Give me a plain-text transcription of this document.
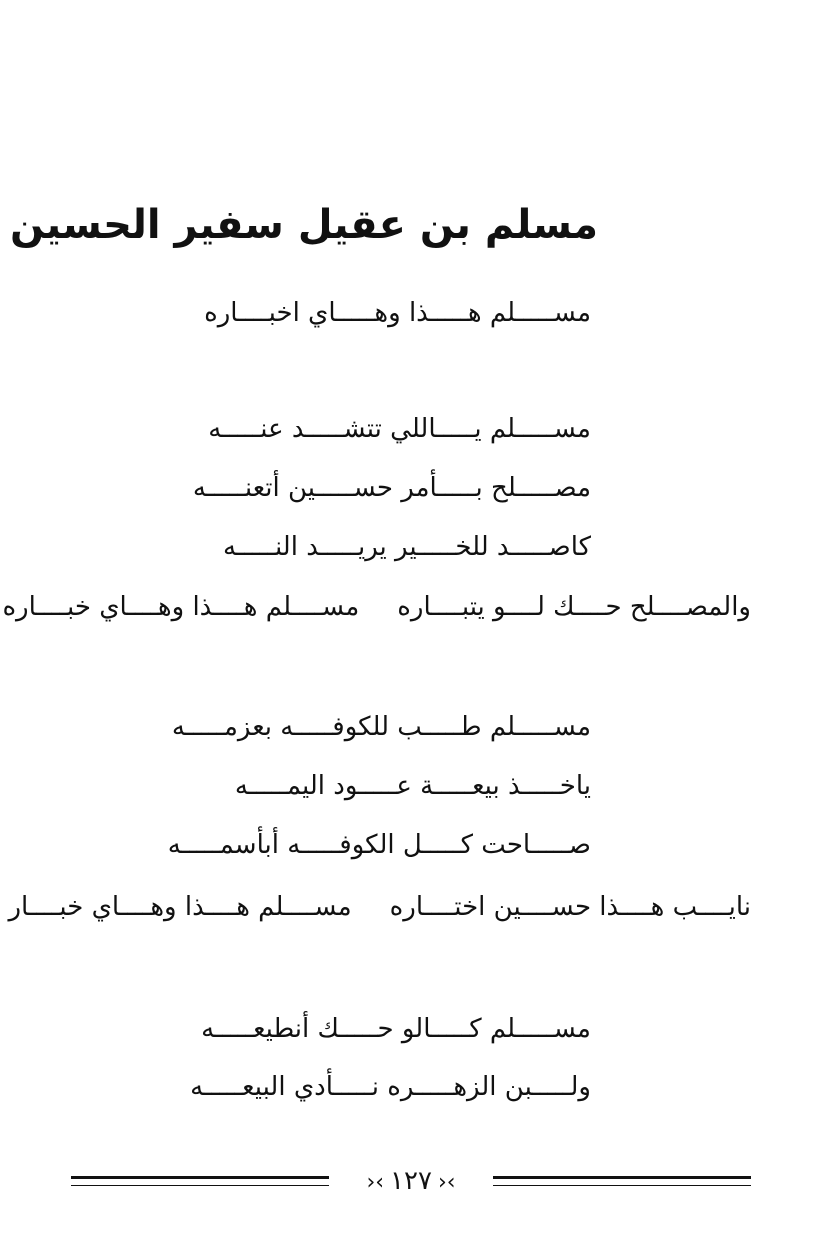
مسلم بن عقيل سفير الحسين
مســـــلم هـــــذا وهـــــاي اخبــــاره
مســـــلم يـــــاللي تتشـــــد عنـــــه
مصـــــلح بـــــأمر حســـــين أتعنـــــه
كاصـــــد للخـــــير يريـــــد النـــــه
والمصــــلح حــــك لــــو يتبــــارهمســــلم هــــذا وهــــاي خبــــاره
مســـــلم طـــــب للكوفـــــه بعزمـــــه
ياخـــــذ بيعـــــة عـــــود اليمـــــه
صـــــاحت كـــــل الكوفـــــه أبأسمـــــه
نايــــب هــــذا حســــين اختــــارهمســــلم هــــذا وهــــاي خبــــار
مســـــلم كـــــالو حـــــك أنطيعـــــه
ولـــــبن الزهـــــره نـــــأدي البيعـــــه
›‹١٢٧›‹
